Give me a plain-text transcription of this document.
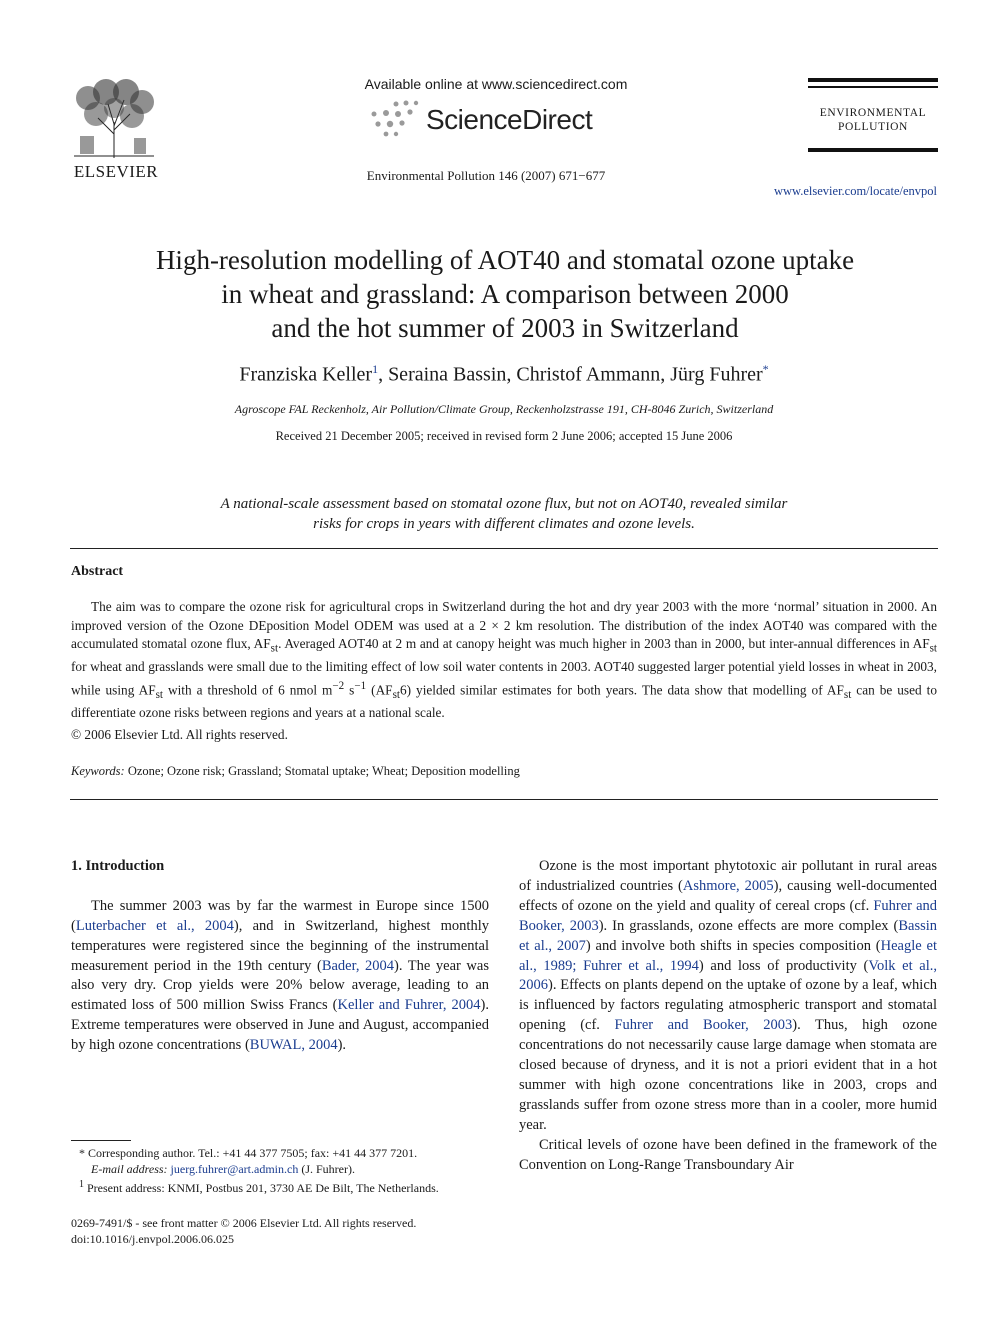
ELSEVIER
Available online at www.sciencedirect.com
ScienceDirect
Environmental Pollution 146 (2007) 671−677
ENVIRONMENTAL
POLLUTION
www.elsevier.com/locate/envpol
High-resolution modelling of AOT40 and stomatal ozone uptake
in wheat and grassland: A comparison between 2000
and the hot summer of 2003 in Switzerland
Franziska Keller$^1$, Seraina Bassin, Christof Ammann, Jürg Fuhrer*
Agroscope FAL Reckenholz, Air Pollution/Climate Group, Reckenholzstrasse 191, CH-8046 Zurich, Switzerland
Received 21 December 2005; received in revised form 2 June 2006; accepted 15 June 2006
A national-scale assessment based on stomatal ozone flux, but not on AOT40, revealed similar
risks for crops in years with different climates and ozone levels.
Abstract
The aim was to compare the ozone risk for agricultural crops in Switzerland during the hot and dry year 2003 with the more ‘normal’ situation in 2000. An improved version of the Ozone DEposition Model ODEM was used at a 2 × 2 km resolution. The distribution of the index AOT40 was compared with the accumulated stomatal ozone flux, $AF_{st}$. Averaged AOT40 at 2 m and at canopy height was much higher in 2003 than in 2000, but inter-annual differences in $AF_{st}$ for wheat and grasslands were small due to the limiting effect of low soil water contents in 2003. AOT40 suggested larger potential yield losses in wheat in 2003, while using $AF_{st}$ with a threshold of 6 nmol $m^{-2}$ $s^{-1}$ $(AF_{st}6)$ yielded similar estimates for both years. The data show that modelling of $AF_{st}$ can be used to differentiate ozone risks between regions and years at a national scale.
© 2006 Elsevier Ltd. All rights reserved.
Keywords: Ozone; Ozone risk; Grassland; Stomatal uptake; Wheat; Deposition modelling
1. Introduction

The summer 2003 was by far the warmest in Europe since 1500 (Luterbacher et al., 2004), and in Switzerland, highest monthly temperatures were registered since the beginning of the instrumental measurement period in the 19th century (Bader, 2004). The year was also very dry. Crop yields were 20% below average, leading to an estimated loss of 500 million Swiss Francs (Keller and Fuhrer, 2004). Extreme temperatures were observed in June and August, accompanied by high ozone concentrations (BUWAL, 2004).

Ozone is the most important phytotoxic air pollutant in rural areas of industrialized countries (Ashmore, 2005), causing well-documented effects of ozone on the yield and quality of cereal crops (cf. Fuhrer and Booker, 2003). In grasslands, ozone effects are more complex (Bassin et al., 2007) and involve both shifts in species composition (Heagle et al., 1989; Fuhrer et al., 1994) and loss of productivity (Volk et al., 2006). Effects on plants depend on the uptake of ozone by a leaf, which is influenced by factors regulating atmospheric transport and stomatal opening (cf. Fuhrer and Booker, 2003). Thus, high ozone concentrations do not necessarily cause large damage when stomata are closed because of dryness, and it is not a priori evident that in a hot summer with high ozone concentrations like in 2003, crops and grasslands suffer from ozone stress more than in a cooler, more humid year.

Critical levels of ozone have been defined in the framework of the Convention on Long-Range Transboundary Air

* Corresponding author. Tel.: +41 44 377 7505; fax: +41 44 377 7201.
E-mail address: juerg.fuhrer@art.admin.ch (J. Fuhrer).
$^1$ Present address: KNMI, Postbus 201, 3730 AE De Bilt, The Netherlands.
0269-7491/$ - see front matter © 2006 Elsevier Ltd. All rights reserved.
doi:10.1016/j.envpol.2006.06.025
